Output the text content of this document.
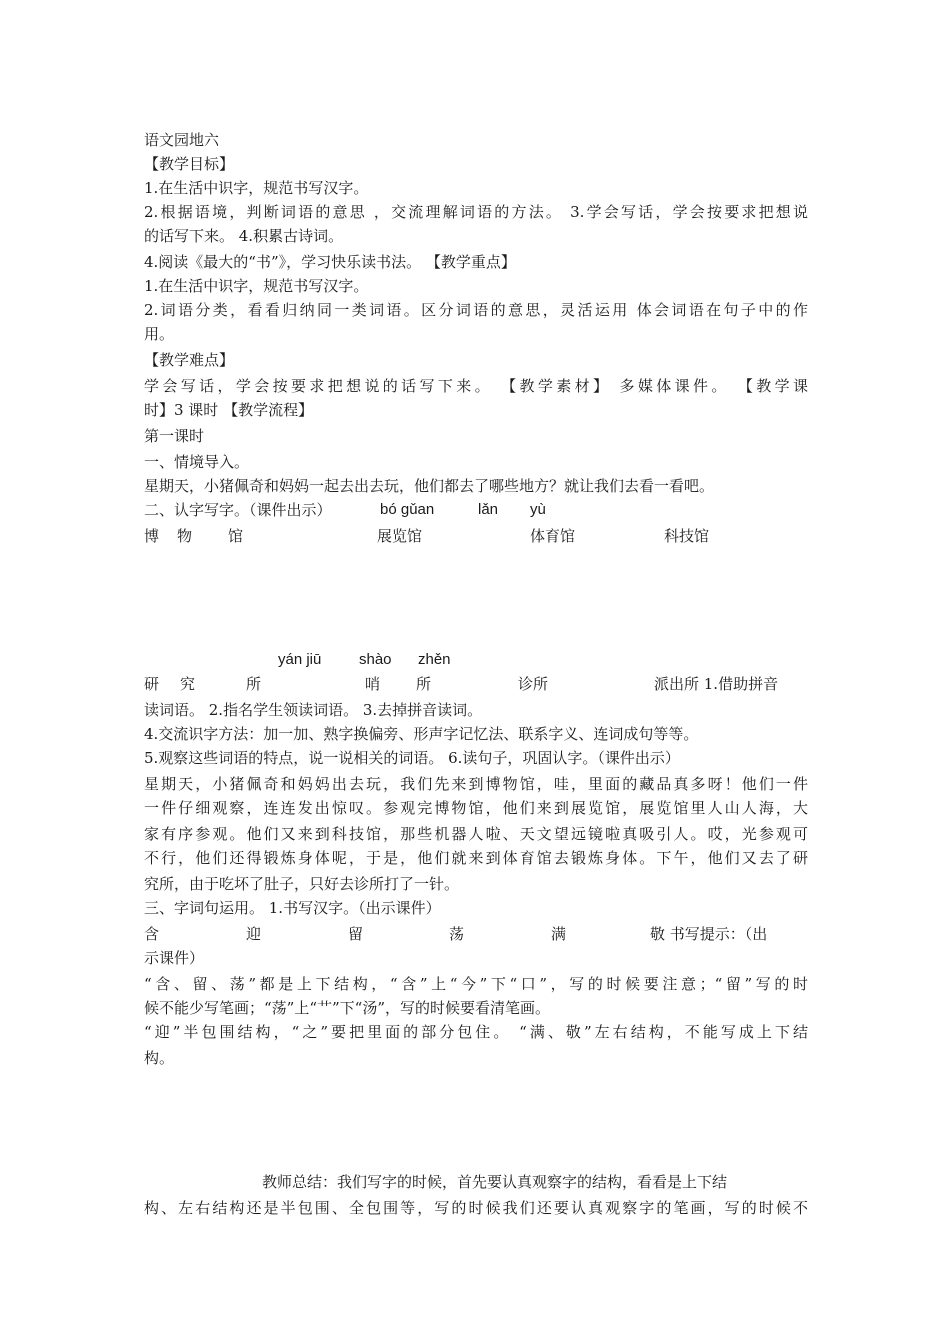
语文园地六
【教学目标】
1.在生活中识字，规范书写汉字。
2.根据语境，判断词语的意思 ，交流理解词语的方法。 3.学会写话，学会按要求把想说
的话写下来。 4.积累古诗词。
4.阅读《最大的“书”》，学习快乐读书法。 【教学重点】
1.在生活中识字，规范书写汉字。
2.词语分类，看看归纳同一类词语。区分词语的意思，灵活运用 体会词语在句子中的作
用。
【教学难点】
学会写话，学会按要求把想说的话写下来。 【教学素材】 多媒体课件。 【教学课
时】3 课时 【教学流程】
第一课时
一、情境导入。
星期天，小猪佩奇和妈妈一起去出去玩，他们都去了哪些地方？就让我们去看一看吧。
二、认字写字。（课件出示）	bó gǔan	lǎn yù
博 物 馆	展览馆	体育馆	科技馆
yán jiū	shào zhěn
研 究	所	哨 所	诊所	派出所 1.借助拼音
读词语。 2.指名学生领读词语。 3.去掉拼音读词。
4.交流识字方法：加一加、熟字换偏旁、形声字记忆法、联系字义、连词成句等等。
5.观察这些词语的特点，说一说相关的词语。 6.读句子，巩固认字。（课件出示）
星期天，小猪佩奇和妈妈出去玩，我们先来到博物馆，哇，里面的藏品真多呀！他们一件
一件仔细观察，连连发出惊叹。参观完博物馆，他们来到展览馆，展览馆里人山人海，大
家有序参观。他们又来到科技馆，那些机器人啦、天文望远镜啦真吸引人。哎，光参观可
不行，他们还得锻炼身体呢，于是，他们就来到体育馆去锻炼身体。下午，他们又去了研
究所，由于吃坏了肚子，只好去诊所打了一针。
三、字词句运用。 1.书写汉字。（出示课件）
含	迎	留	荡	满	敬 书写提示：（出
示课件）
“含、留、荡”都是上下结构，“含”上“今”下“口”，写的时候要注意；“留”写的时
候不能少写笔画；“荡”上“艹”下“汤”，写的时候要看清笔画。
“迎”半包围结构，“之”要把里面的部分包住。 “满、敬”左右结构，不能写成上下结
构。
教师总结：我们写字的时候，首先要认真观察字的结构，看看是上下结
构、左右结构还是半包围、全包围等，写的时候我们还要认真观察字的笔画，写的时候不
